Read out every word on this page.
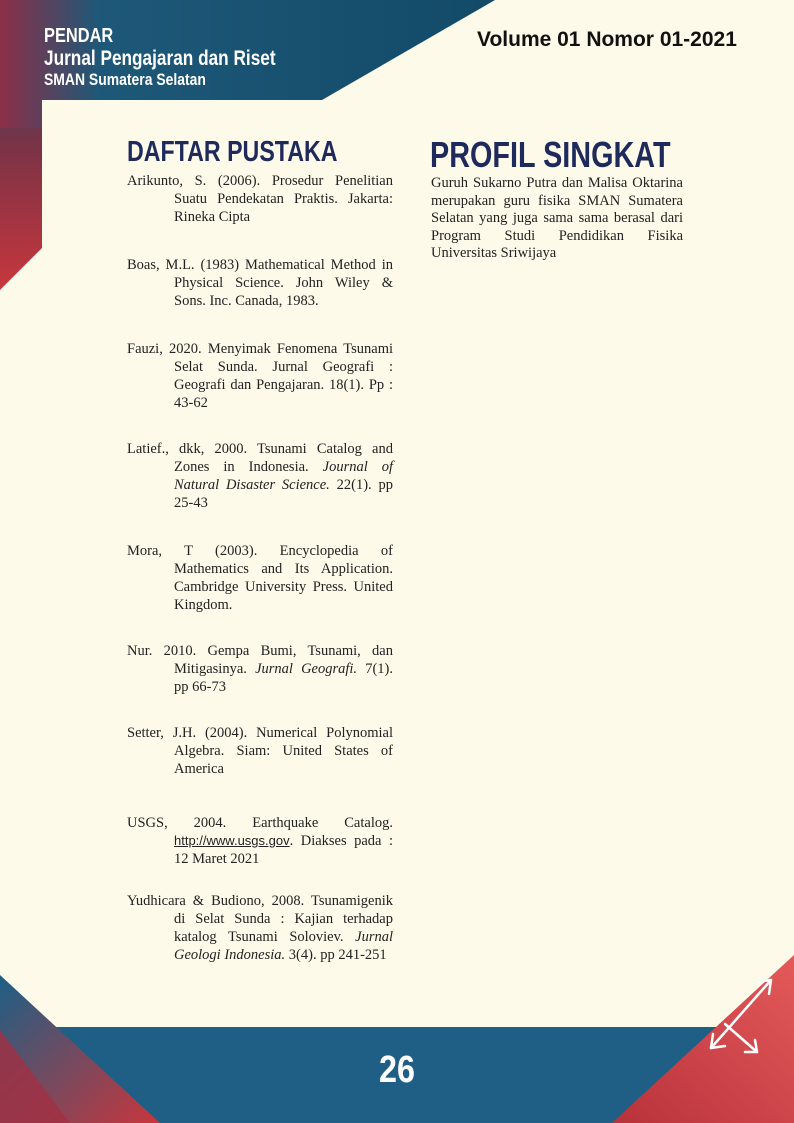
PENDAR
Jurnal Pengajaran dan Riset
SMAN Sumatera Selatan
Volume 01 Nomor 01-2021
DAFTAR PUSTAKA	PROFIL SINGKAT
Arikunto, S. (2006). Prosedur Penelitian Suatu Pendekatan Praktis. Jakarta: Rineka Cipta
Boas, M.L. (1983) Mathematical Method in Physical Science. John Wiley & Sons. Inc. Canada, 1983.
Fauzi, 2020. Menyimak Fenomena Tsunami Selat Sunda. Jurnal Geografi : Geografi dan Pengajaran. 18(1). Pp : 43-62
Latief., dkk, 2000. Tsunami Catalog and Zones in Indonesia. Journal of Natural Disaster Science. 22(1). pp 25-43
Mora, T (2003). Encyclopedia of Mathematics and Its Application. Cambridge University Press. United Kingdom.
Nur. 2010. Gempa Bumi, Tsunami, dan Mitigasinya. Jurnal Geografi. 7(1). pp 66-73
Setter, J.H. (2004). Numerical Polynomial Algebra. Siam: United States of America
USGS, 2004. Earthquake Catalog. http://www.usgs.gov. Diakses pada : 12 Maret 2021
Yudhicara & Budiono, 2008. Tsunamigenik di Selat Sunda : Kajian terhadap katalog Tsunami Soloviev. Jurnal Geologi Indonesia. 3(4). pp 241-251

Guruh Sukarno Putra dan Malisa Oktarina merupakan guru fisika SMAN Sumatera Selatan yang juga sama sama berasal dari Program Studi Pendidikan Fisika Universitas Sriwijaya

26
